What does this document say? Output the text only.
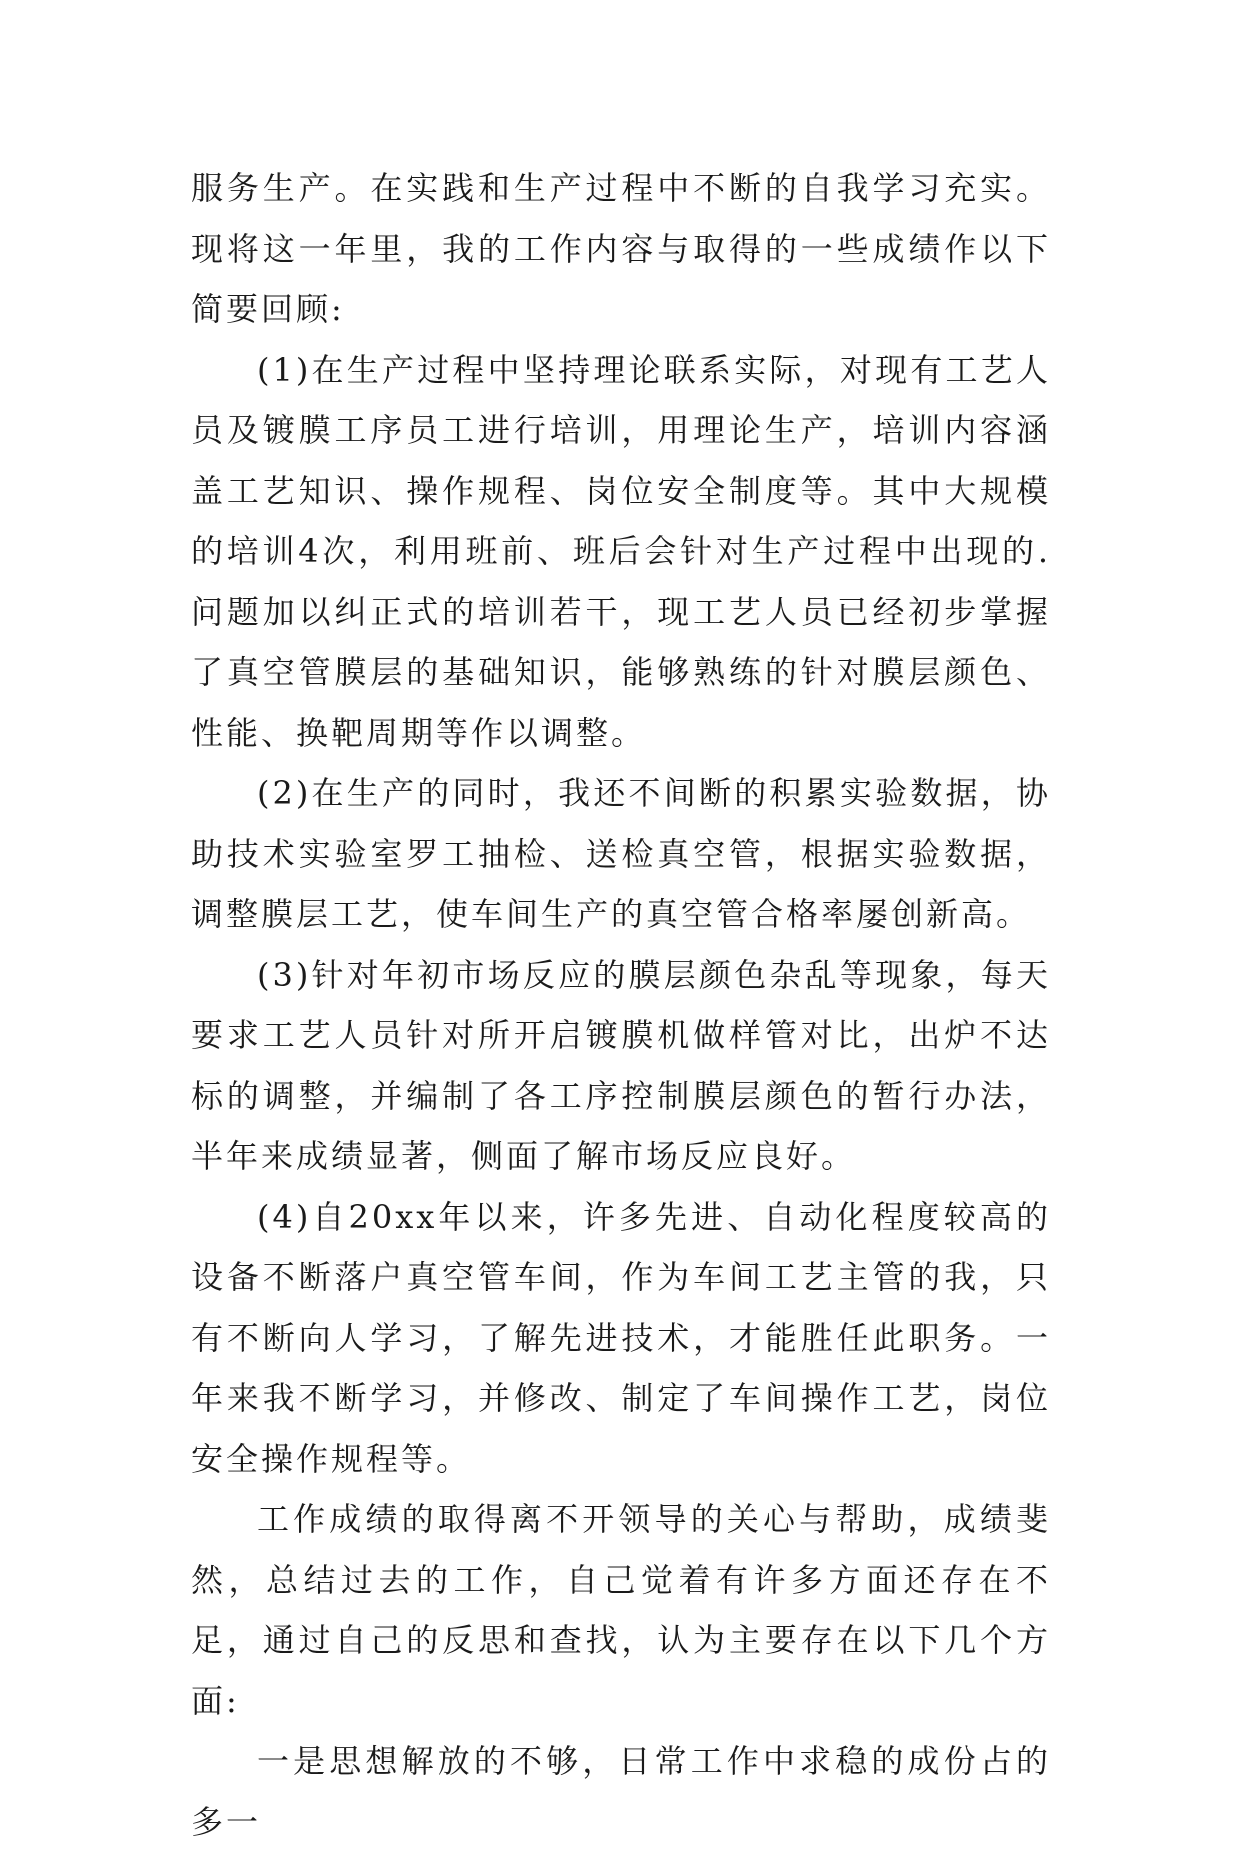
服务生产。在实践和生产过程中不断的自我学习充实。现将这一年里，我的工作内容与取得的一些成绩作以下简要回顾:

(1)在生产过程中坚持理论联系实际，对现有工艺人员及镀膜工序员工进行培训，用理论生产，培训内容涵盖工艺知识、操作规程、岗位安全制度等。其中大规模的培训4次，利用班前、班后会针对生产过程中出现的.问题加以纠正式的培训若干，现工艺人员已经初步掌握了真空管膜层的基础知识，能够熟练的针对膜层颜色、性能、换靶周期等作以调整。

(2)在生产的同时，我还不间断的积累实验数据，协助技术实验室罗工抽检、送检真空管，根据实验数据，调整膜层工艺，使车间生产的真空管合格率屡创新高。

(3)针对年初市场反应的膜层颜色杂乱等现象，每天要求工艺人员针对所开启镀膜机做样管对比，出炉不达标的调整，并编制了各工序控制膜层颜色的暂行办法，半年来成绩显著，侧面了解市场反应良好。

(4)自20xx年以来，许多先进、自动化程度较高的设备不断落户真空管车间，作为车间工艺主管的我，只有不断向人学习，了解先进技术，才能胜任此职务。一年来我不断学习，并修改、制定了车间操作工艺，岗位安全操作规程等。

工作成绩的取得离不开领导的关心与帮助，成绩斐然，总结过去的工作，自己觉着有许多方面还存在不足，通过自己的反思和查找，认为主要存在以下几个方面:

一是思想解放的不够，日常工作中求稳的成份占的多一
